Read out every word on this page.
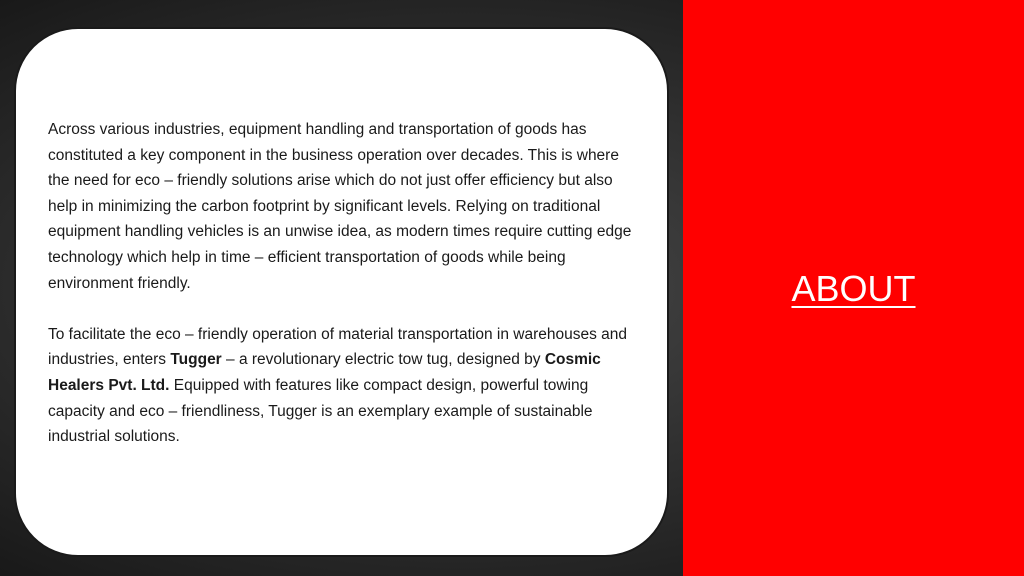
Across various industries, equipment handling and transportation of goods has constituted a key component in the business operation over decades. This is where the need for eco – friendly solutions arise which do not just offer efficiency but also help in minimizing the carbon footprint by significant levels. Relying on traditional equipment handling vehicles is an unwise idea, as modern times require cutting edge technology which help in time – efficient transportation of goods while being environment friendly.

To facilitate the eco – friendly operation of material transportation in warehouses and industries, enters Tugger – a revolutionary electric tow tug, designed by Cosmic Healers Pvt. Ltd. Equipped with features like compact design, powerful towing capacity and eco – friendliness, Tugger is an exemplary example of sustainable industrial solutions.

ABOUT
